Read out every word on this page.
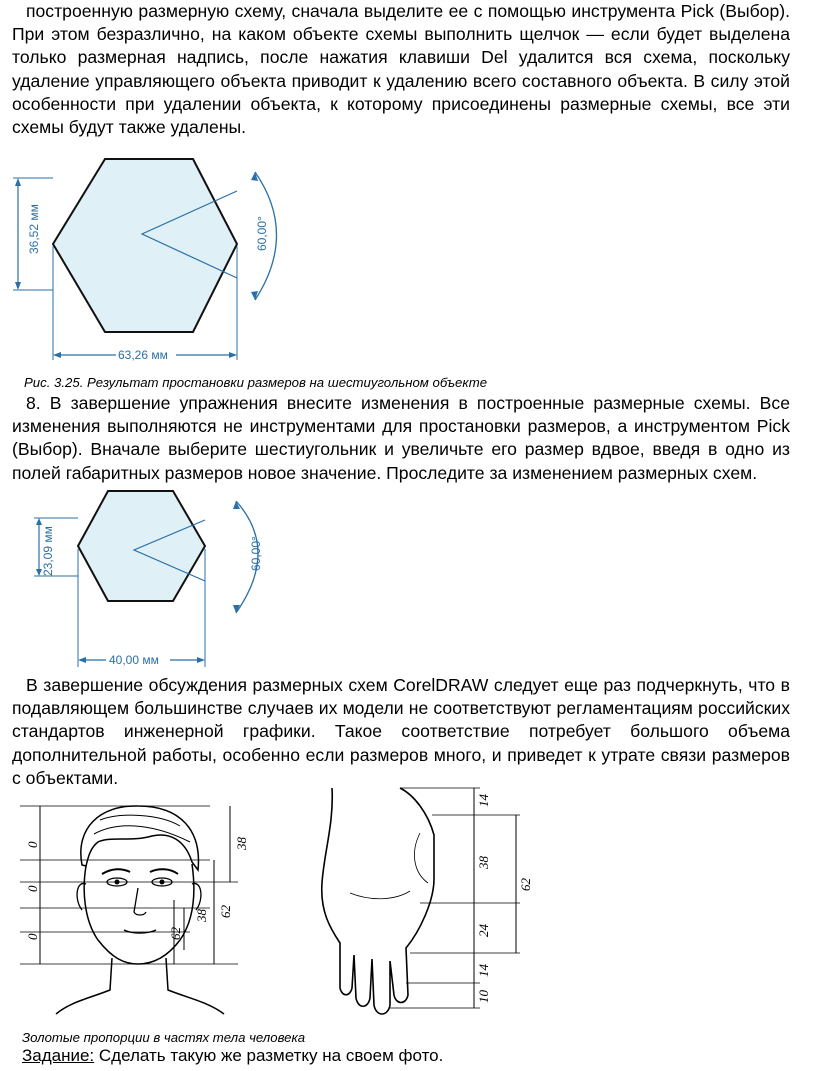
построенную размерную схему, сначала выделите ее с помощью инструмента Pick (Выбор). При этом безразлично, на каком объекте схемы выполнить щелчок — если будет выделена только размерная надпись, после нажатия клавиши Del удалится вся схема, поскольку удаление управляющего объекта приводит к удалению всего составного объекта. В силу этой особенности при удалении объекта, к которому присоединены размерные схемы, все эти схемы будут также удалены.

36,52 мм
63,26 мм
60,00°

Рис. 3.25. Результат простановки размеров на шестиугольном объекте

8. В завершение упражнения внесите изменения в построенные размерные схемы. Все изменения выполняются не инструментами для простановки размеров, а инструментом Pick (Выбор). Вначале выберите шестиугольник и увеличьте его размер вдвое, введя в одно из полей габаритных размеров новое значение. Проследите за изменением размерных схем.

23,09 мм
40,00 мм
60,00°

В завершение обсуждения размерных схем CorelDRAW следует еще раз подчеркнуть, что в подавляющем большинстве случаев их модели не соответствуют регламентациям российских стандартов инженерной графики. Такое соответствие потребует большого объема дополнительной работы, особенно если размеров много, и приведет к утрате связи размеров с объектами.

0
0
0
38
62
38
62
14
38
24
14
10
62

Золотые пропорции в частях тела человека

Задание: Сделать такую же разметку на своем фото.
